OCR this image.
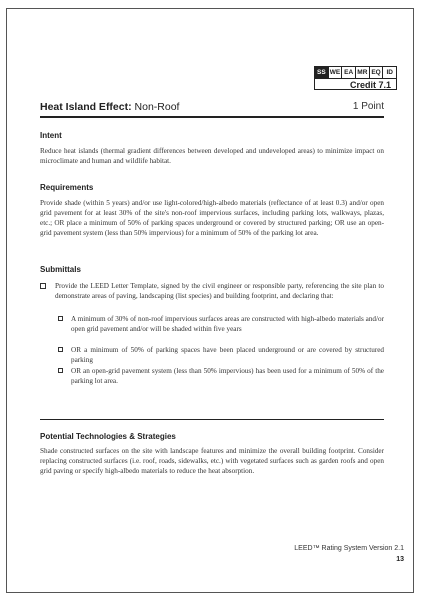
SS WE EA MR EQ ID
Credit 7.1
Heat Island Effect: Non-Roof	1 Point
Intent

Reduce heat islands (thermal gradient differences between developed and undeveloped areas) to minimize impact on microclimate and human and wildlife habitat.

Requirements

Provide shade (within 5 years) and/or use light-colored/high-albedo materials (reflectance of at least 0.3) and/or open grid pavement for at least 30% of the site's non-roof impervious surfaces, including parking lots, walkways, plazas, etc.; OR place a minimum of 50% of parking spaces underground or covered by structured parking; OR use an open-grid pavement system (less than 50% impervious) for a minimum of 50% of the parking lot area.

Submittals

Provide the LEED Letter Template, signed by the civil engineer or responsible party, referencing the site plan to demonstrate areas of paving, landscaping (list species) and building footprint, and declaring that:

A minimum of 30% of non-roof impervious surfaces areas are constructed with high-albedo materials and/or open grid pavement and/or will be shaded within five years

OR a minimum of 50% of parking spaces have been placed underground or are covered by structured parking

OR an open-grid pavement system (less than 50% impervious) has been used for a minimum of 50% of the parking lot area.

Potential Technologies & Strategies

Shade constructed surfaces on the site with landscape features and minimize the overall building footprint. Consider replacing constructed surfaces (i.e. roof, roads, sidewalks, etc.) with vegetated surfaces such as garden roofs and open grid paving or specify high-albedo materials to reduce the heat absorption.

LEED™ Rating System Version 2.1
13
